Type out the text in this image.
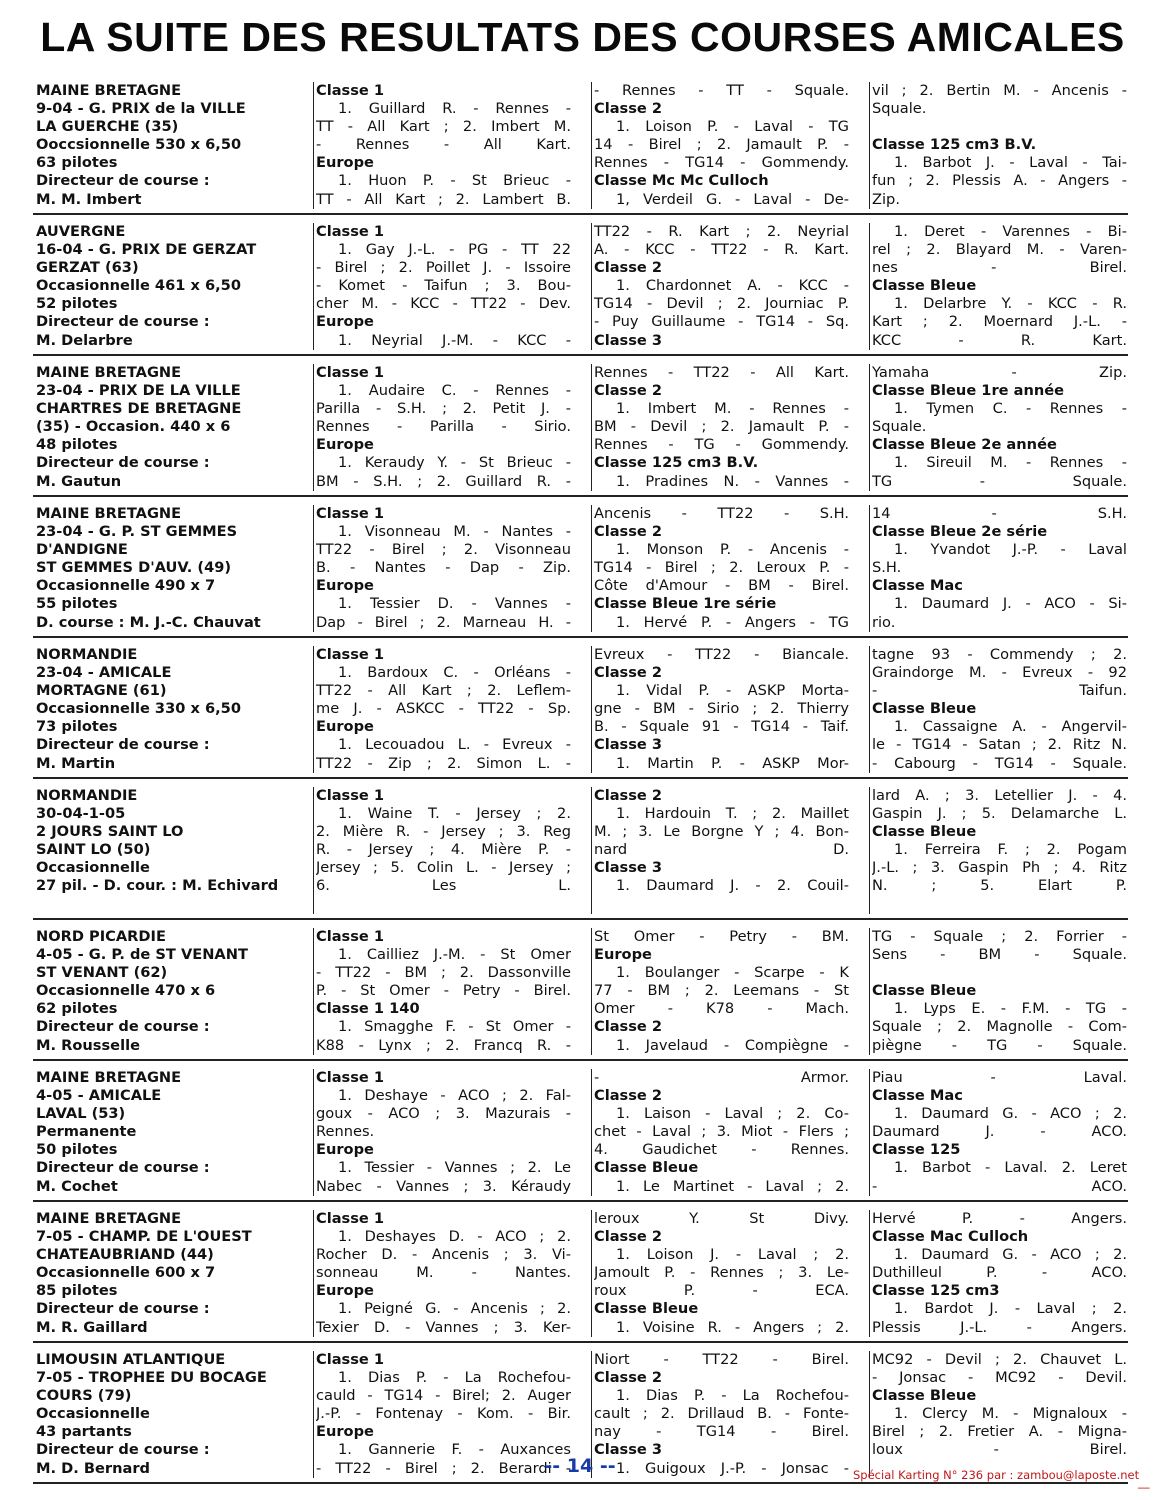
LA SUITE DES RESULTATS DES COURSES AMICALES
MAINE BRETAGNE
9-04 - G. PRIX de la VILLE
LA GUERCHE (35)
Ooccsionnelle 530 x 6,50
63 pilotes
Directeur de course :
M. M. Imbert
Classe 1
1. Guillard R. - Rennes -
TT - All Kart ; 2. Imbert M.
- Rennes - All Kart.
Europe
1. Huon P. - St Brieuc -
TT - All Kart ; 2. Lambert B.
- Rennes - TT - Squale.
Classe 2
1. Loison P. - Laval - TG
14 - Birel ; 2. Jamault P. -
Rennes - TG14 - Gommendy.
Classe Mc Mc Culloch
1, Verdeil G. - Laval - De-
vil ; 2. Bertin M. - Ancenis -
Squale.

Classe 125 cm3 B.V.
1. Barbot J. - Laval - Tai-
fun ; 2. Plessis A. - Angers -
Zip.
AUVERGNE
16-04 - G. PRIX DE GERZAT
GERZAT (63)
Occasionnelle 461 x 6,50
52 pilotes
Directeur de course :
M. Delarbre
Classe 1
1. Gay J.-L. - PG - TT 22
- Birel ; 2. Poillet J. - Issoire
- Komet - Taifun ; 3. Bou-
cher M. - KCC - TT22 - Dev.
Europe
1. Neyrial J.-M. - KCC -
TT22 - R. Kart ; 2. Neyrial
A. - KCC - TT22 - R. Kart.
Classe 2
1. Chardonnet A. - KCC -
TG14 - Devil ; 2. Journiac P.
- Puy Guillaume - TG14 - Sq.
Classe 3
1. Deret - Varennes - Bi-
rel ; 2. Blayard M. - Varen-
nes - Birel.
Classe Bleue
1. Delarbre Y. - KCC - R.
Kart ; 2. Moernard J.-L. -
KCC - R. Kart.
MAINE BRETAGNE
23-04 - PRIX DE LA VILLE
CHARTRES DE BRETAGNE
(35) - Occasion. 440 x 6
48 pilotes
Directeur de course :
M. Gautun
Classe 1
1. Audaire C. - Rennes -
Parilla - S.H. ; 2. Petit J. -
Rennes - Parilla - Sirio.
Europe
1. Keraudy Y. - St Brieuc -
BM - S.H. ; 2. Guillard R. -
Rennes - TT22 - All Kart.
Classe 2
1. Imbert M. - Rennes -
BM - Devil ; 2. Jamault P. -
Rennes - TG - Gommendy.
Classe 125 cm3 B.V.
1. Pradines N. - Vannes -
Yamaha - Zip.
Classe Bleue 1re année
1. Tymen C. - Rennes -
Squale.
Classe Bleue 2e année
1. Sireuil M. - Rennes -
TG - Squale.
MAINE BRETAGNE
23-04 - G. P. ST GEMMES
D'ANDIGNE
ST GEMMES D'AUV. (49)
Occasionnelle 490 x 7
55 pilotes
D. course : M. J.-C. Chauvat
Classe 1
1. Visonneau M. - Nantes -
TT22 - Birel ; 2. Visonneau
B. - Nantes - Dap - Zip.
Europe
1. Tessier D. - Vannes -
Dap - Birel ; 2. Marneau H. -
Ancenis - TT22 - S.H.
Classe 2
1. Monson P. - Ancenis -
TG14 - Birel ; 2. Leroux P. -
Côte d'Amour - BM - Birel.
Classe Bleue 1re série
1. Hervé P. - Angers - TG
14 - S.H.
Classe Bleue 2e série
1. Yvandot J.-P. - Laval
S.H.
Classe Mac
1. Daumard J. - ACO - Si-
rio.
NORMANDIE
23-04 - AMICALE
MORTAGNE (61)
Occasionnelle 330 x 6,50
73 pilotes
Directeur de course :
M. Martin
Classe 1
1. Bardoux C. - Orléans -
TT22 - All Kart ; 2. Leflem-
me J. - ASKCC - TT22 - Sp.
Europe
1. Lecouadou L. - Evreux -
TT22 - Zip ; 2. Simon L. -
Evreux - TT22 - Biancale.
Classe 2
1. Vidal P. - ASKP Morta-
gne - BM - Sirio ; 2. Thierry
B. - Squale 91 - TG14 - Taif.
Classe 3
1. Martin P. - ASKP Mor-
tagne 93 - Commendy ; 2.
Graindorge M. - Evreux - 92
- Taifun.
Classe Bleue
1. Cassaigne A. - Angervil-
le - TG14 - Satan ; 2. Ritz N.
- Cabourg - TG14 - Squale.
NORMANDIE
30-04-1-05
2 JOURS SAINT LO
SAINT LO (50)
Occasionnelle
27 pil. - D. cour. : M. Echivard
Classe 1
1. Waine T. - Jersey ; 2.
2. Mière R. - Jersey ; 3. Reg
R. - Jersey ; 4. Mière P. -
Jersey ; 5. Colin L. - Jersey ;
6. Les L.
Classe 2
1. Hardouin T. ; 2. Maillet
M. ; 3. Le Borgne Y ; 4. Bon-
nard D.
Classe 3
1. Daumard J. - 2. Couil-
lard A. ; 3. Letellier J. - 4.
Gaspin J. ; 5. Delamarche L.
Classe Bleue
1. Ferreira F. ; 2. Pogam
J.-L. ; 3. Gaspin Ph ; 4. Ritz
N. ; 5. Elart P.
NORD PICARDIE
4-05 - G. P. de ST VENANT
ST VENANT (62)
Occasionnelle 470 x 6
62 pilotes
Directeur de course :
M. Rousselle
Classe 1
1. Cailliez J.-M. - St Omer
- TT22 - BM ; 2. Dassonville
P. - St Omer - Petry - Birel.
Classe 1 140
1. Smagghe F. - St Omer -
K88 - Lynx ; 2. Francq R. -
St Omer - Petry - BM.
Europe
1. Boulanger - Scarpe - K
77 - BM ; 2. Leemans - St
Omer - K78 - Mach.
Classe 2
1. Javelaud - Compiègne -
TG - Squale ; 2. Forrier -
Sens - BM - Squale.

Classe Bleue
1. Lyps E. - F.M. - TG -
Squale ; 2. Magnolle - Com-
piègne - TG - Squale.
MAINE BRETAGNE
4-05 - AMICALE
LAVAL (53)
Permanente
50 pilotes
Directeur de course :
M. Cochet
Classe 1
1. Deshaye - ACO ; 2. Fal-
goux - ACO ; 3. Mazurais -
Rennes.
Europe
1. Tessier - Vannes ; 2. Le
Nabec - Vannes ; 3. Kéraudy
- Armor.
Classe 2
1. Laison - Laval ; 2. Co-
chet - Laval ; 3. Miot - Flers ;
4. Gaudichet - Rennes.
Classe Bleue
1. Le Martinet - Laval ; 2.
Piau - Laval.
Classe Mac
1. Daumard G. - ACO ; 2.
Daumard J. - ACO.
Classe 125
1. Barbot - Laval. 2. Leret
- ACO.
MAINE BRETAGNE
7-05 - CHAMP. DE L'OUEST
CHATEAUBRIAND (44)
Occasionnelle 600 x 7
85 pilotes
Directeur de course :
M. R. Gaillard
Classe 1
1. Deshayes D. - ACO ; 2.
Rocher D. - Ancenis ; 3. Vi-
sonneau M. - Nantes.
Europe
1. Peigné G. - Ancenis ; 2.
Texier D. - Vannes ; 3. Ker-
leroux Y. St Divy.
Classe 2
1. Loison J. - Laval ; 2.
Jamoult P. - Rennes ; 3. Le-
roux P. - ECA.
Classe Bleue
1. Voisine R. - Angers ; 2.
Hervé P. - Angers.
Classe Mac Culloch
1. Daumard G. - ACO ; 2.
Duthilleul P. - ACO.
Classe 125 cm3
1. Bardot J. - Laval ; 2.
Plessis J.-L. - Angers.
LIMOUSIN ATLANTIQUE
7-05 - TROPHEE DU BOCAGE
COURS (79)
Occasionnelle
43 partants
Directeur de course :
M. D. Bernard
Classe 1
1. Dias P. - La Rochefou-
cauld - TG14 - Birel; 2. Auger
J.-P. - Fontenay - Kom. - Bir.
Europe
1. Gannerie F. - Auxances
- TT22 - Birel ; 2. Berardi -
Niort - TT22 - Birel.
Classe 2
1. Dias P. - La Rochefou-
cault ; 2. Drillaud B. - Fonte-
nay - TG14 - Birel.
Classe 3
1. Guigoux J.-P. - Jonsac -
MC92 - Devil ; 2. Chauvet L.
- Jonsac - MC92 - Devil.
Classe Bleue
1. Clercy M. - Mignaloux -
Birel ; 2. Fretier A. - Migna-
loux - Birel.
-- 14 --	Spécial Karting N° 236 par : zambou@laposte.net
__
